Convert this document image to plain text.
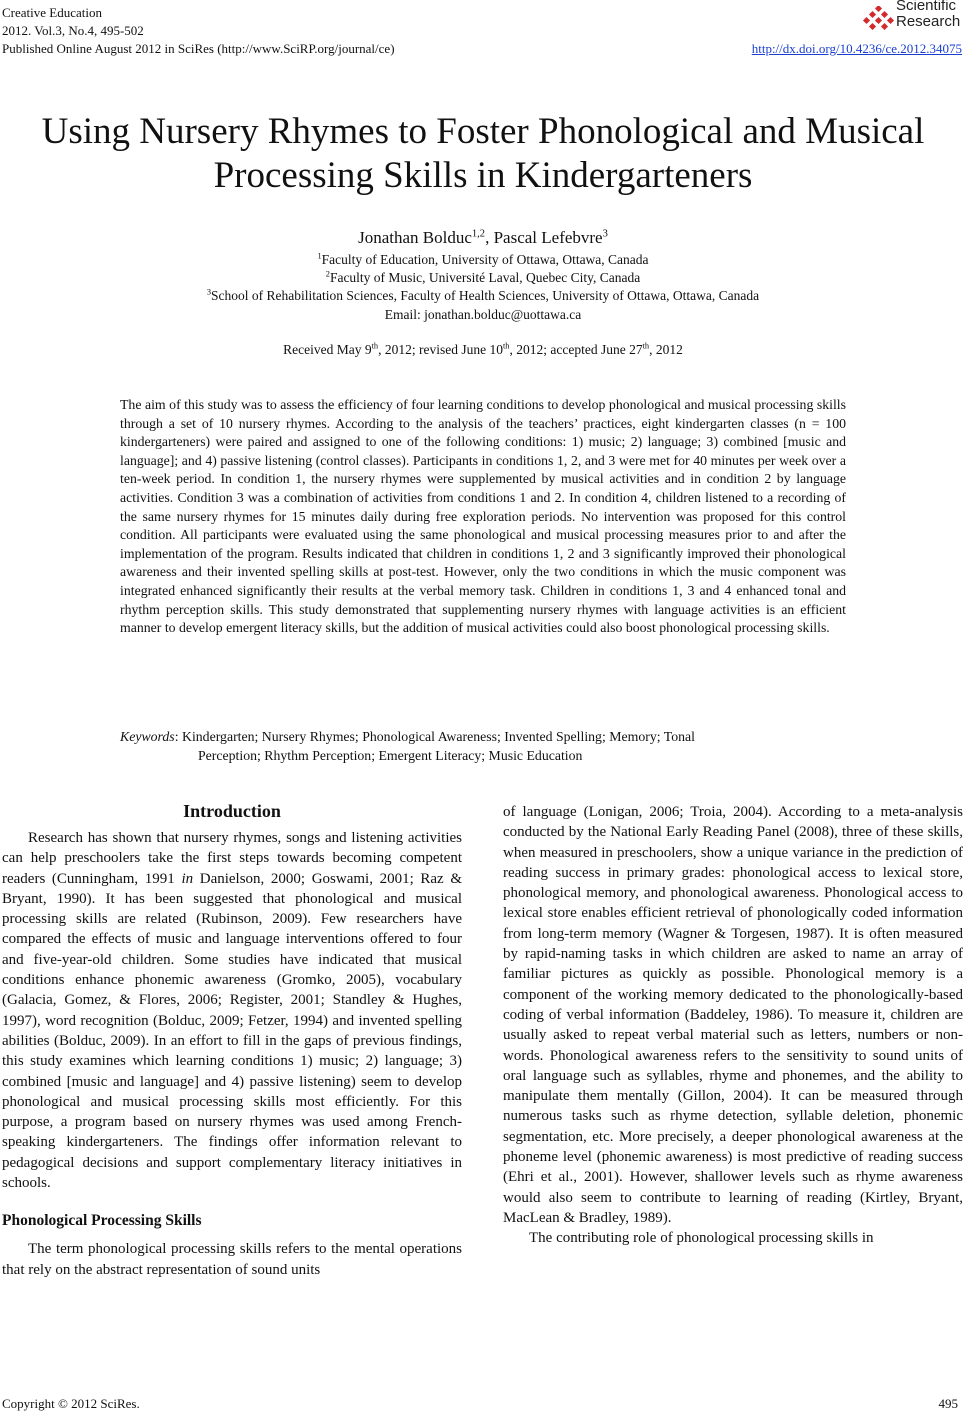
Creative Education
2012. Vol.3, No.4, 495-502
Published Online August 2012 in SciRes (http://www.SciRP.org/journal/ce)
Scientific
Research
http://dx.doi.org/10.4236/ce.2012.34075
Using Nursery Rhymes to Foster Phonological and Musical
Processing Skills in Kindergarteners
Jonathan Bolduc$^{1,2}$, Pascal Lefebvre$^3$
$^1$Faculty of Education, University of Ottawa, Ottawa, Canada
$^2$Faculty of Music, Université Laval, Quebec City, Canada
$^3$School of Rehabilitation Sciences, Faculty of Health Sciences, University of Ottawa, Ottawa, Canada
Email: jonathan.bolduc@uottawa.ca
Received May 9th, 2012; revised June 10th, 2012; accepted June 27th, 2012
The aim of this study was to assess the efficiency of four learning conditions to develop phonological and musical processing skills through a set of 10 nursery rhymes. According to the analysis of the teachers’ practices, eight kindergarten classes (n = 100 kindergarteners) were paired and assigned to one of the following conditions: 1) music; 2) language; 3) combined [music and language]; and 4) passive listening (control classes). Participants in conditions 1, 2, and 3 were met for 40 minutes per week over a ten-week period. In condition 1, the nursery rhymes were supplemented by musical activities and in condition 2 by language activities. Condition 3 was a combination of activities from conditions 1 and 2. In condition 4, children listened to a recording of the same nursery rhymes for 15 minutes daily during free exploration periods. No intervention was proposed for this control condition. All participants were evaluated using the same phonological and musical processing measures prior to and after the implementation of the program. Results indicated that children in conditions 1, 2 and 3 significantly improved their phonological awareness and their invented spelling skills at post-test. However, only the two conditions in which the music component was integrated enhanced significantly their results at the verbal memory task. Children in conditions 1, 3 and 4 enhanced tonal and rhythm perception skills. This study demonstrated that supplementing nursery rhymes with language activities is an efficient manner to develop emergent literacy skills, but the addition of musical activities could also boost phonological processing skills.
Keywords: Kindergarten; Nursery Rhymes; Phonological Awareness; Invented Spelling; Memory; Tonal
Perception; Rhythm Perception; Emergent Literacy; Music Education
Introduction

Research has shown that nursery rhymes, songs and listening activities can help preschoolers take the first steps towards becoming competent readers (Cunningham, 1991 in Danielson, 2000; Goswami, 2001; Raz & Bryant, 1990). It has been suggested that phonological and musical processing skills are related (Rubinson, 2009). Few researchers have compared the effects of music and language interventions offered to four and five-year-old children. Some studies have indicated that musical conditions enhance phonemic awareness (Gromko, 2005), vocabulary (Galacia, Gomez, & Flores, 2006; Register, 2001; Standley & Hughes, 1997), word recognition (Bolduc, 2009; Fetzer, 1994) and invented spelling abilities (Bolduc, 2009). In an effort to fill in the gaps of previous findings, this study examines which learning conditions 1) music; 2) language; 3) combined [music and language] and 4) passive listening) seem to develop phonological and musical processing skills most efficiently. For this purpose, a program based on nursery rhymes was used among French-speaking kindergarteners. The findings offer information relevant to pedagogical decisions and support complementary literacy initiatives in schools.

Phonological Processing Skills

The term phonological processing skills refers to the mental operations that rely on the abstract representation of sound units

of language (Lonigan, 2006; Troia, 2004). According to a meta-analysis conducted by the National Early Reading Panel (2008), three of these skills, when measured in preschoolers, show a unique variance in the prediction of reading success in primary grades: phonological access to lexical store, phonological memory, and phonological awareness. Phonological access to lexical store enables efficient retrieval of phonologically coded information from long-term memory (Wagner & Torgesen, 1987). It is often measured by rapid-naming tasks in which children are asked to name an array of familiar pictures as quickly as possible. Phonological memory is a component of the working memory dedicated to the phonologically-based coding of verbal information (Baddeley, 1986). To measure it, children are usually asked to repeat verbal material such as letters, numbers or non-words. Phonological awareness refers to the sensitivity to sound units of oral language such as syllables, rhyme and phonemes, and the ability to manipulate them mentally (Gillon, 2004). It can be measured through numerous tasks such as rhyme detection, syllable deletion, phonemic segmentation, etc. More precisely, a deeper phonological awareness at the phoneme level (phonemic awareness) is most predictive of reading success (Ehri et al., 2001). However, shallower levels such as rhyme awareness would also seem to contribute to learning of reading (Kirtley, Bryant, MacLean & Bradley, 1989).

The contributing role of phonological processing skills in

Copyright © 2012 SciRes.	495
